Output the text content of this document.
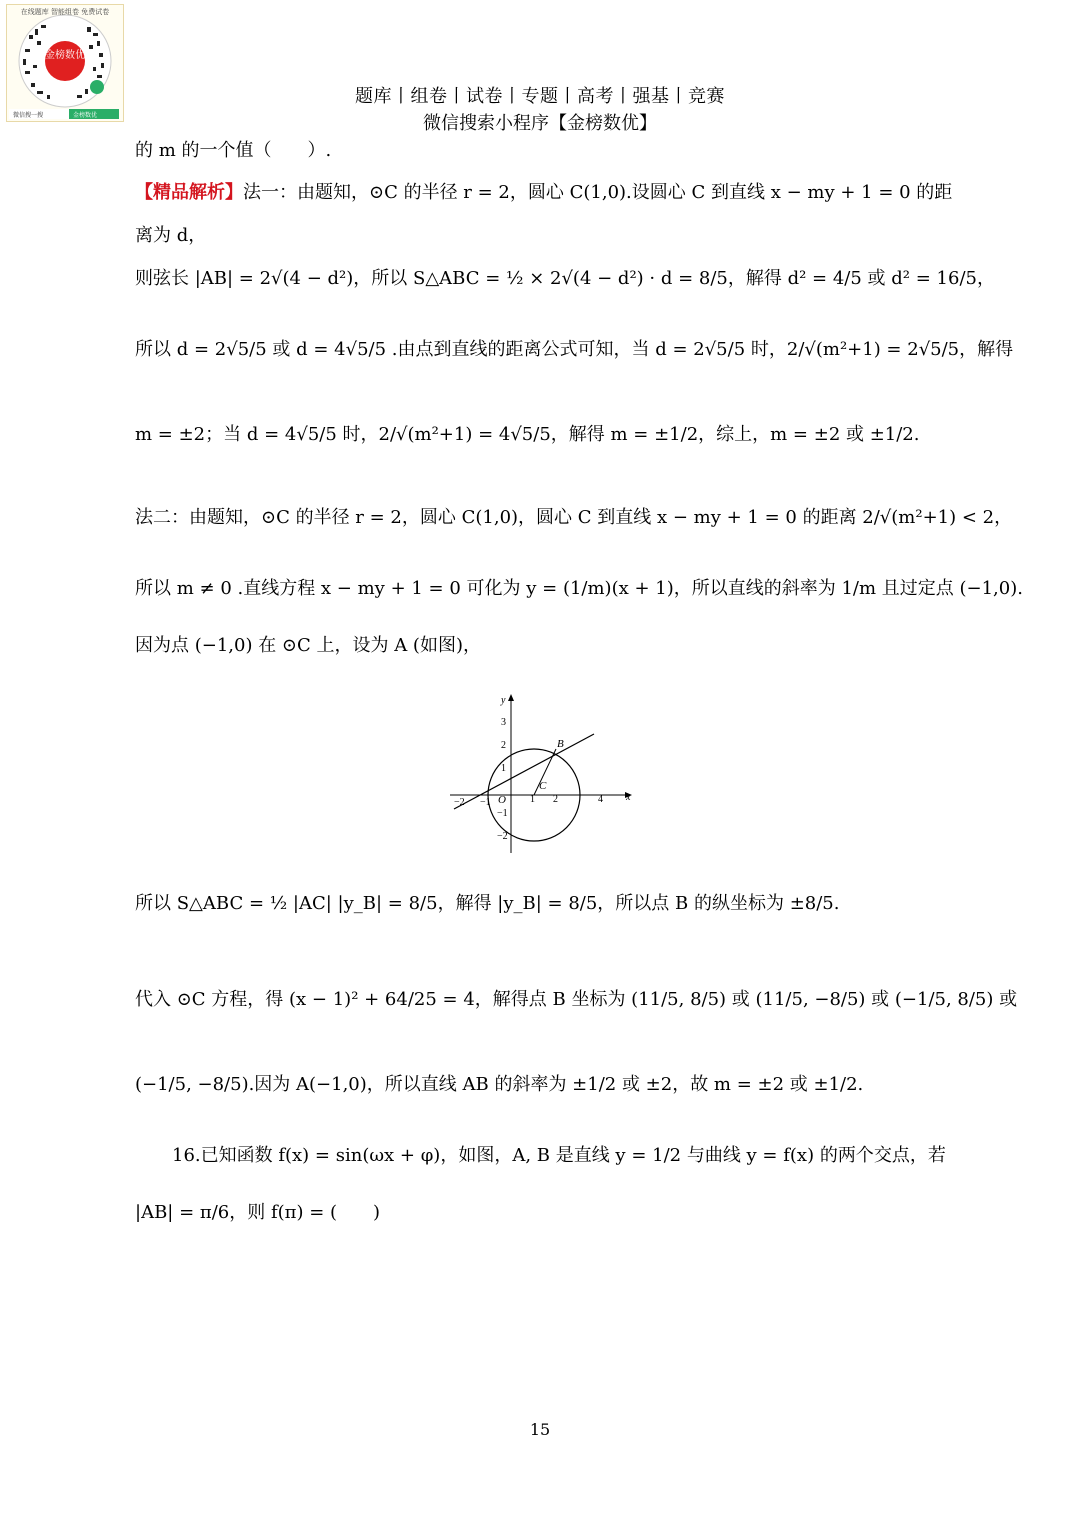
金榜数优
微信搜一搜	金榜数优
在线题库 智能组卷 免费试卷
题库丨组卷丨试卷丨专题丨高考丨强基丨竞赛
微信搜索小程序【金榜数优】
的 m 的一个值（　　）.
【精品解析】法一：由题知，⊙C 的半径 r = 2，圆心 C(1,0).设圆心 C 到直线 x − my + 1 = 0 的距
离为 d，
则弦长 |AB| = 2√(4 − d²)，所以 S△ABC = ½ × 2√(4 − d²) · d = 8/5，解得 d² = 4/5 或 d² = 16/5，
所以 d = 2√5/5 或 d = 4√5/5 .由点到直线的距离公式可知，当 d = 2√5/5 时，2/√(m²+1) = 2√5/5，解得
m = ±2；当 d = 4√5/5 时，2/√(m²+1) = 4√5/5，解得 m = ±1/2，综上，m = ±2 或 ±1/2.
法二：由题知，⊙C 的半径 r = 2，圆心 C(1,0)，圆心 C 到直线 x − my + 1 = 0 的距离 2/√(m²+1) < 2，
所以 m ≠ 0 .直线方程 x − my + 1 = 0 可化为 y = (1/m)(x + 1)，所以直线的斜率为 1/m 且过定点 (−1,0).
因为点 (−1,0) 在 ⊙C 上，设为 A (如图)，
x
y
−2 −1	1 2	4
3
2
1
−1
−2
O
B
C
所以 S△ABC = ½ |AC| |y_B| = 8/5，解得 |y_B| = 8/5，所以点 B 的纵坐标为 ±8/5.
代入 ⊙C 方程，得 (x − 1)² + 64/25 = 4，解得点 B 坐标为 (11/5, 8/5) 或 (11/5, −8/5) 或 (−1/5, 8/5) 或
(−1/5, −8/5).因为 A(−1,0)，所以直线 AB 的斜率为 ±1/2 或 ±2，故 m = ±2 或 ±1/2.
16.已知函数 f(x) = sin(ωx + φ)，如图，A, B 是直线 y = 1/2 与曲线 y = f(x) 的两个交点，若
|AB| = π/6，则 f(π) = (　　)
15
